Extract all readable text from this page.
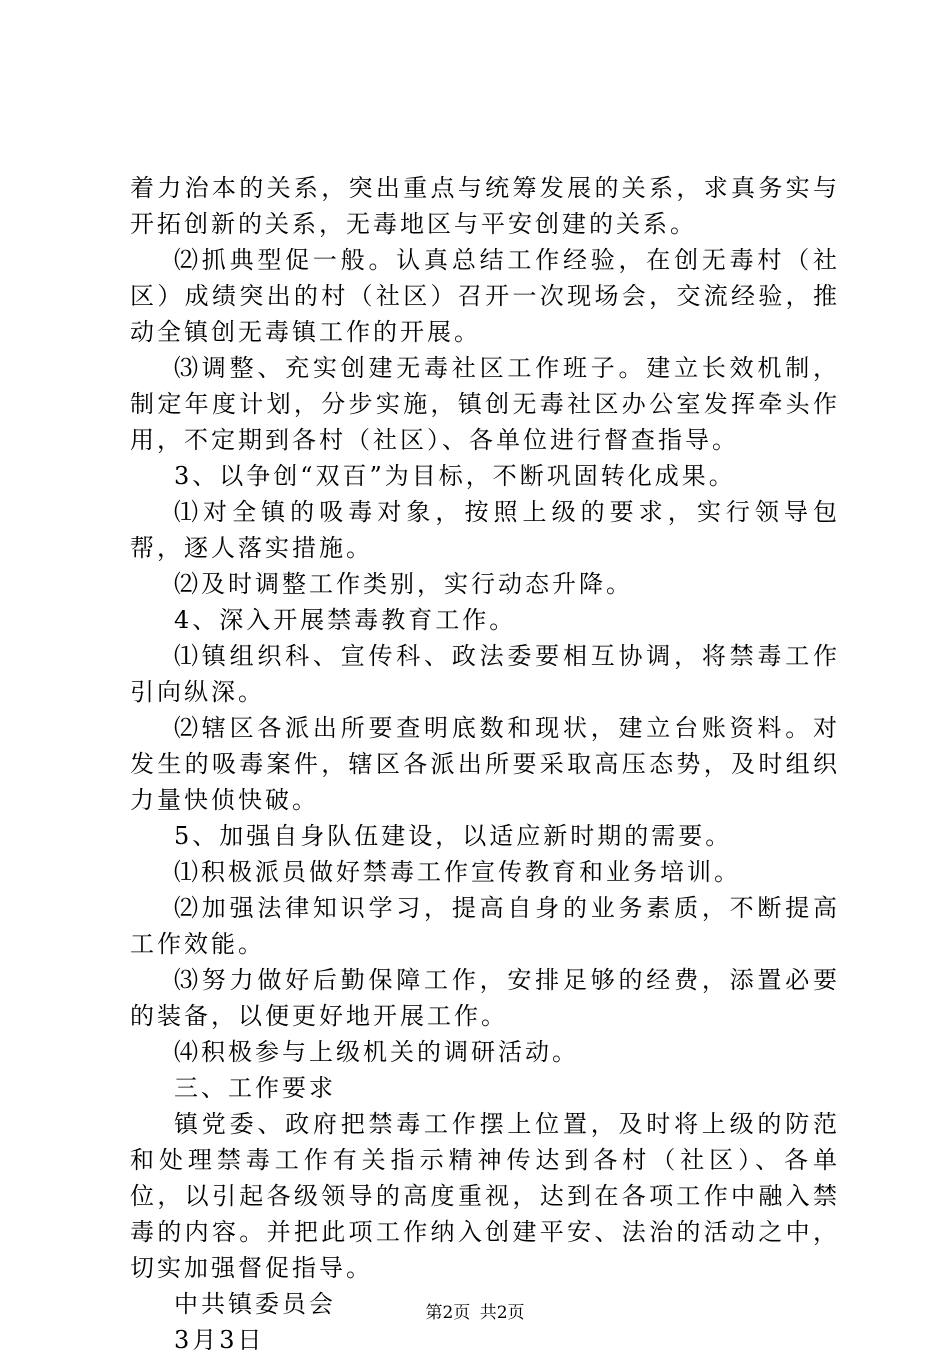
着力治本的关系，突出重点与统筹发展的关系，求真务实与开拓创新的关系，无毒地区与平安创建的关系。

⑵抓典型促一般。认真总结工作经验，在创无毒村（社区）成绩突出的村（社区）召开一次现场会，交流经验，推动全镇创无毒镇工作的开展。

⑶调整、充实创建无毒社区工作班子。建立长效机制，制定年度计划，分步实施，镇创无毒社区办公室发挥牵头作用，不定期到各村（社区）、各单位进行督查指导。

3、以争创“双百”为目标，不断巩固转化成果。

⑴对全镇的吸毒对象，按照上级的要求，实行领导包帮，逐人落实措施。

⑵及时调整工作类别，实行动态升降。

4、深入开展禁毒教育工作。

⑴镇组织科、宣传科、政法委要相互协调，将禁毒工作引向纵深。

⑵辖区各派出所要查明底数和现状，建立台账资料。对发生的吸毒案件，辖区各派出所要采取高压态势，及时组织力量快侦快破。

5、加强自身队伍建设，以适应新时期的需要。

⑴积极派员做好禁毒工作宣传教育和业务培训。

⑵加强法律知识学习，提高自身的业务素质，不断提高工作效能。

⑶努力做好后勤保障工作，安排足够的经费，添置必要的装备，以便更好地开展工作。

⑷积极参与上级机关的调研活动。

三、工作要求

镇党委、政府把禁毒工作摆上位置，及时将上级的防范和处理禁毒工作有关指示精神传达到各村（社区）、各单位，以引起各级领导的高度重视，达到在各项工作中融入禁毒的内容。并把此项工作纳入创建平安、法治的活动之中，切实加强督促指导。

中共镇委员会

3月3日

第2页 共2页
